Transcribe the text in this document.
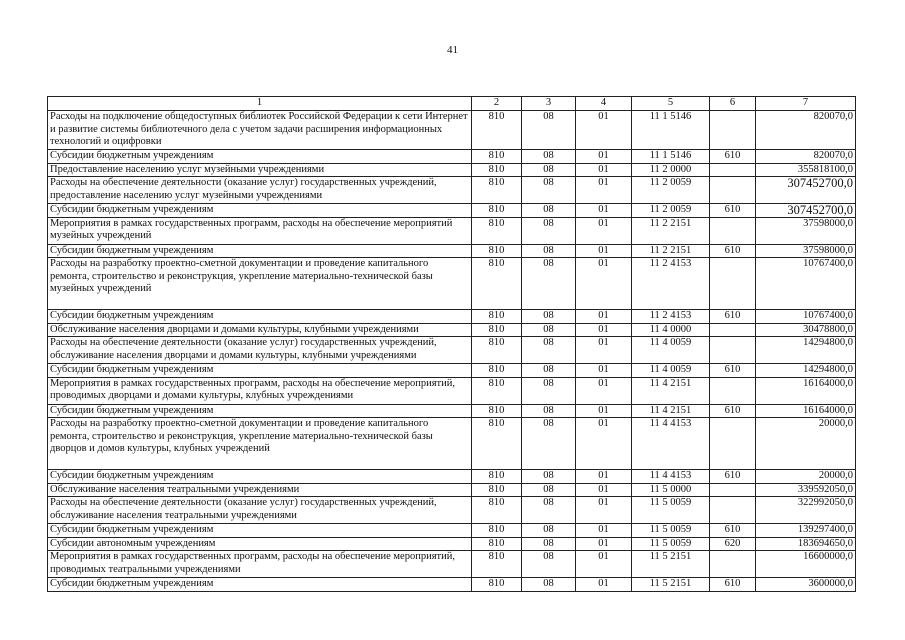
41
1	2	3	4	5	6	7
Расходы на подключение общедоступных библиотек Российской Федерации к сети Интернет и развитие системы библиотечного дела с учетом задачи расширения информационных технологий и оцифровки	810	08	01	11 1 5146		820070,0
Субсидии бюджетным учреждениям	810	08	01	11 1 5146	610	820070,0
Предоставление населению услуг музейными учреждениями	810	08	01	11 2 0000		355818100,0
Расходы на обеспечение деятельности (оказание услуг) государственных учреждений, предоставление населению услуг музейными учреждениями	810	08	01	11 2 0059		307452700,0
Субсидии бюджетным учреждениям	810	08	01	11 2 0059	610	307452700,0
Мероприятия в рамках государственных программ, расходы на обеспечение мероприятий музейных учреждений	810	08	01	11 2 2151		37598000,0
Субсидии бюджетным учреждениям	810	08	01	11 2 2151	610	37598000,0
Расходы на разработку проектно-сметной документации и проведение капитального ремонта, строительство и реконструкция, укрепление материально-технической базы музейных учреждений	810	08	01	11 2 4153		10767400,0
Субсидии бюджетным учреждениям	810	08	01	11 2 4153	610	10767400,0
Обслуживание населения дворцами и домами культуры, клубными учреждениями	810	08	01	11 4 0000		30478800,0
Расходы на обеспечение деятельности (оказание услуг) государственных учреждений, обслуживание населения дворцами и домами культуры, клубными учреждениями	810	08	01	11 4 0059		14294800,0
Субсидии бюджетным учреждениям	810	08	01	11 4 0059	610	14294800,0
Мероприятия в рамках государственных программ, расходы на обеспечение мероприятий, проводимых дворцами и домами культуры, клубных учреждениями	810	08	01	11 4 2151		16164000,0
Субсидии бюджетным учреждениям	810	08	01	11 4 2151	610	16164000,0
Расходы на разработку проектно-сметной документации и проведение капитального ремонта, строительство и реконструкция, укрепление материально-технической базы дворцов и домов культуры, клубных учреждений	810	08	01	11 4 4153		20000,0
Субсидии бюджетным учреждениям	810	08	01	11 4 4153	610	20000,0
Обслуживание населения театральными учреждениями	810	08	01	11 5 0000		339592050,0
Расходы на обеспечение деятельности (оказание услуг) государственных учреждений, обслуживание населения театральными учреждениями	810	08	01	11 5 0059		322992050,0
Субсидии бюджетным учреждениям	810	08	01	11 5 0059	610	139297400,0
Субсидии автономным учреждениям	810	08	01	11 5 0059	620	183694650,0
Мероприятия в рамках государственных программ, расходы на обеспечение мероприятий, проводимых театральными учреждениями	810	08	01	11 5 2151		16600000,0
Субсидии бюджетным учреждениям	810	08	01	11 5 2151	610	3600000,0
